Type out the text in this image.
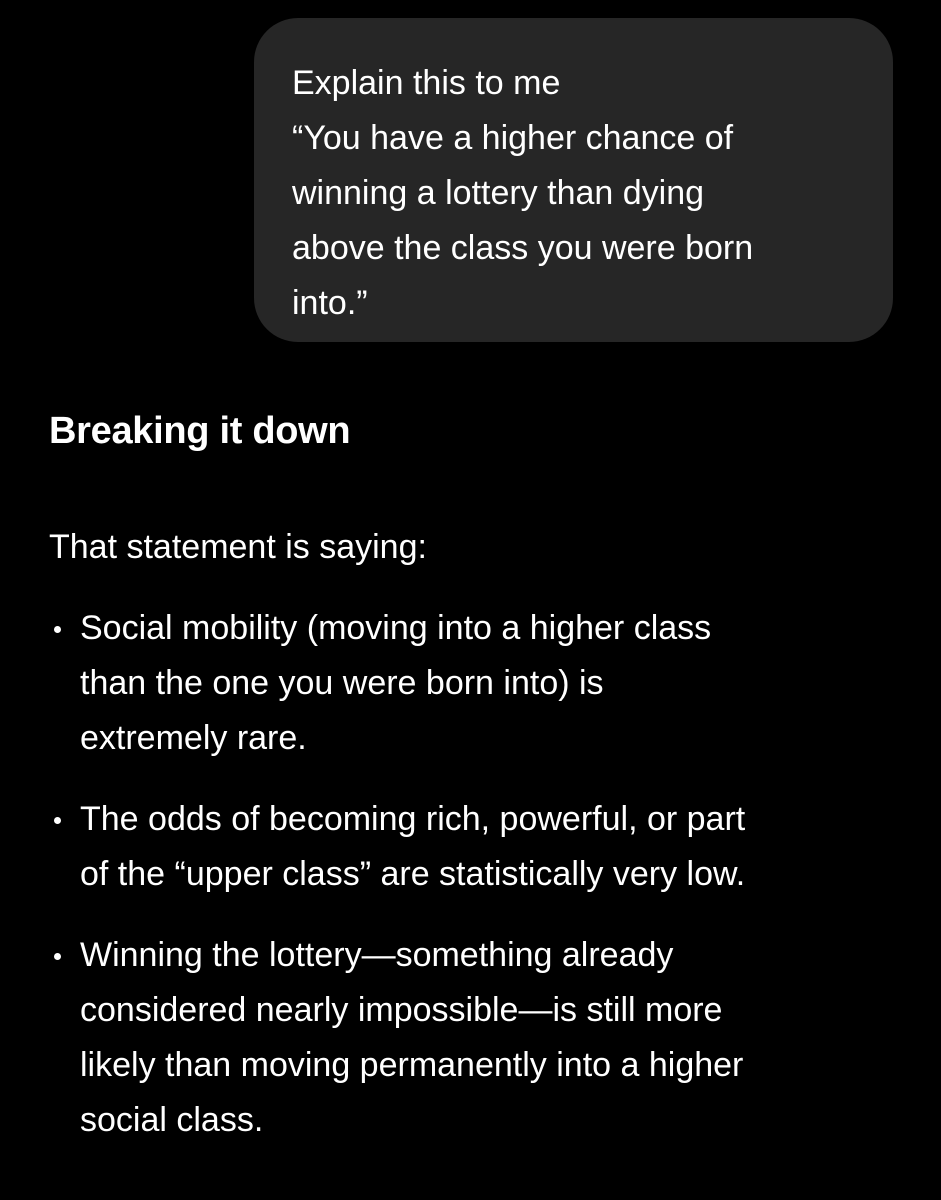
Explain this to me
“You have a higher chance of
winning a lottery than dying
above the class you were born
into.”
Breaking it down

That statement is saying:

Social mobility (moving into a higher class
than the one you were born into) is
extremely rare.
The odds of becoming rich, powerful, or part
of the “upper class” are statistically very low.
Winning the lottery—something already
considered nearly impossible—is still more
likely than moving permanently into a higher
social class.
